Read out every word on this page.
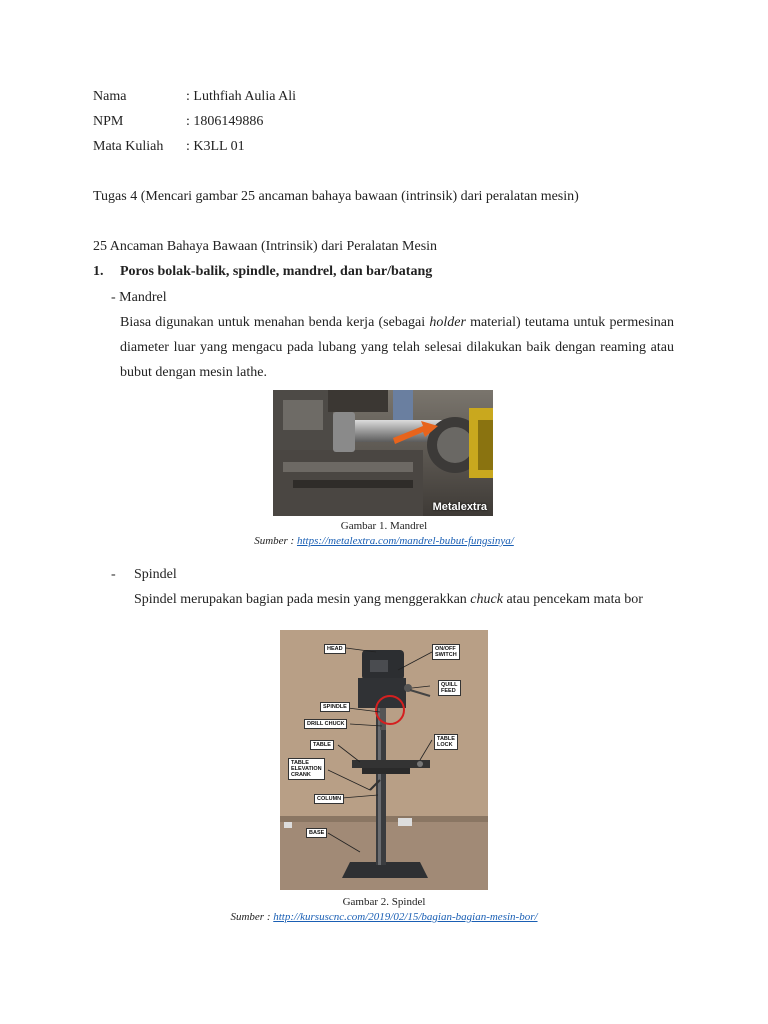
Nama	: Luthfiah Aulia Ali
NPM	: 1806149886
Mata Kuliah : K3LL 01
Tugas 4 (Mencari gambar 25 ancaman bahaya bawaan (intrinsik) dari peralatan mesin)
25 Ancaman Bahaya Bawaan (Intrinsik) dari Peralatan Mesin
1. Poros bolak-balik, spindle, mandrel, dan bar/batang
- Mandrel
Biasa digunakan untuk menahan benda kerja (sebagai holder material) teutama untuk permesinan diameter luar yang mengacu pada lubang yang telah selesai dilakukan baik dengan reaming atau bubut dengan mesin lathe.
Metalextra
Gambar 1. Mandrel
Sumber : https://metalextra.com/mandrel-bubut-fungsinya/
- Spindel
Spindel merupakan bagian pada mesin yang menggerakkan chuck atau pencekam mata bor
HEAD	ON/OFF
SWITCH
QUILL
FEED
SPINDLE
DRILL CHUCK
TABLE
TABLE
LOCK
TABLE
ELEVATION
CRANK
COLUMN
BASE
Gambar 2. Spindel
Sumber : http://kursuscnc.com/2019/02/15/bagian-bagian-mesin-bor/
